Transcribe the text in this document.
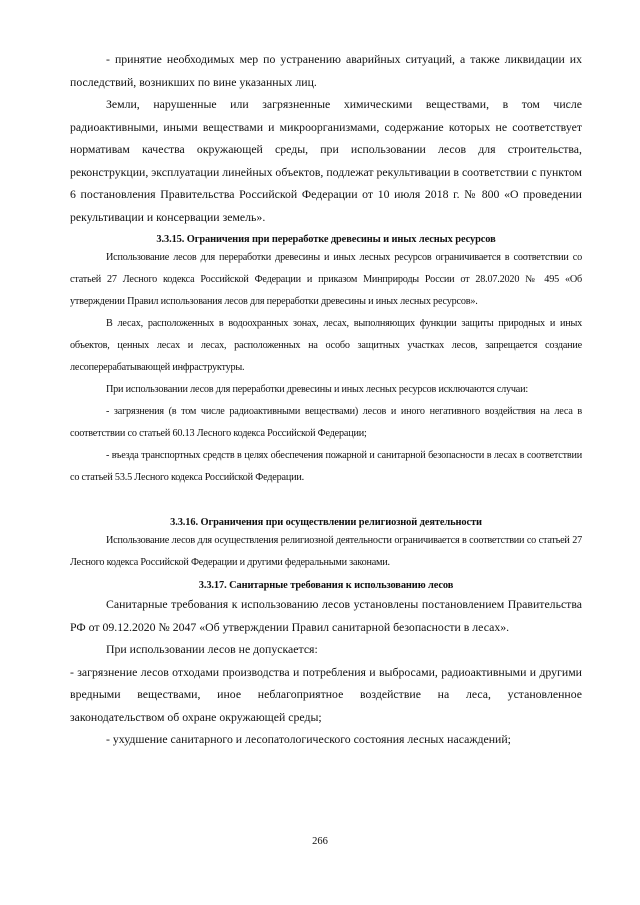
- принятие необходимых мер по устранению аварийных ситуаций, а также ликвидации их последствий, возникших по вине указанных лиц.

Земли, нарушенные или загрязненные химическими веществами, в том числе радиоактивными, иными веществами и микроорганизмами, содержание которых не соответствует нормативам качества окружающей среды, при использовании лесов для строительства, реконструкции, эксплуатации линейных объектов, подлежат рекультивации в соответствии с пунктом 6 постановления Правительства Российской Федерации от 10 июля 2018 г. № 800 «О проведении рекультивации и консервации земель».

3.3.15. Ограничения при переработке древесины и иных лесных ресурсов

Использование лесов для переработки древесины и иных лесных ресурсов ограничивается в соответствии со статьей 27 Лесного кодекса Российской Федерации и приказом Минприроды России от 28.07.2020 № 495 «Об утверждении Правил использования лесов для переработки древесины и иных лесных ресурсов».

В лесах, расположенных в водоохранных зонах, лесах, выполняющих функции защиты природных и иных объектов, ценных лесах и лесах, расположенных на особо защитных участках лесов, запрещается создание лесоперерабатывающей инфраструктуры.

При использовании лесов для переработки древесины и иных лесных ресурсов исключаются случаи:

- загрязнения (в том числе радиоактивными веществами) лесов и иного негативного воздействия на леса в соответствии со статьей 60.13 Лесного кодекса Российской Федерации;

- въезда транспортных средств в целях обеспечения пожарной и санитарной безопасности в лесах в соответствии со статьей 53.5 Лесного кодекса Российской Федерации.

3.3.16. Ограничения при осуществлении религиозной деятельности

Использование лесов для осуществления религиозной деятельности ограничивается в соответствии со статьей 27 Лесного кодекса Российской Федерации и другими федеральными законами.

3.3.17. Санитарные требования к использованию лесов

Санитарные требования к использованию лесов установлены постановлением Правительства РФ от 09.12.2020 № 2047 «Об утверждении Правил санитарной безопасности в лесах».

При использовании лесов не допускается:

- загрязнение лесов отходами производства и потребления и выбросами, радиоактивными и другими вредными веществами, иное неблагоприятное воздействие на леса, установленное законодательством об охране окружающей среды;

- ухудшение санитарного и лесопатологического состояния лесных насаждений;

266
